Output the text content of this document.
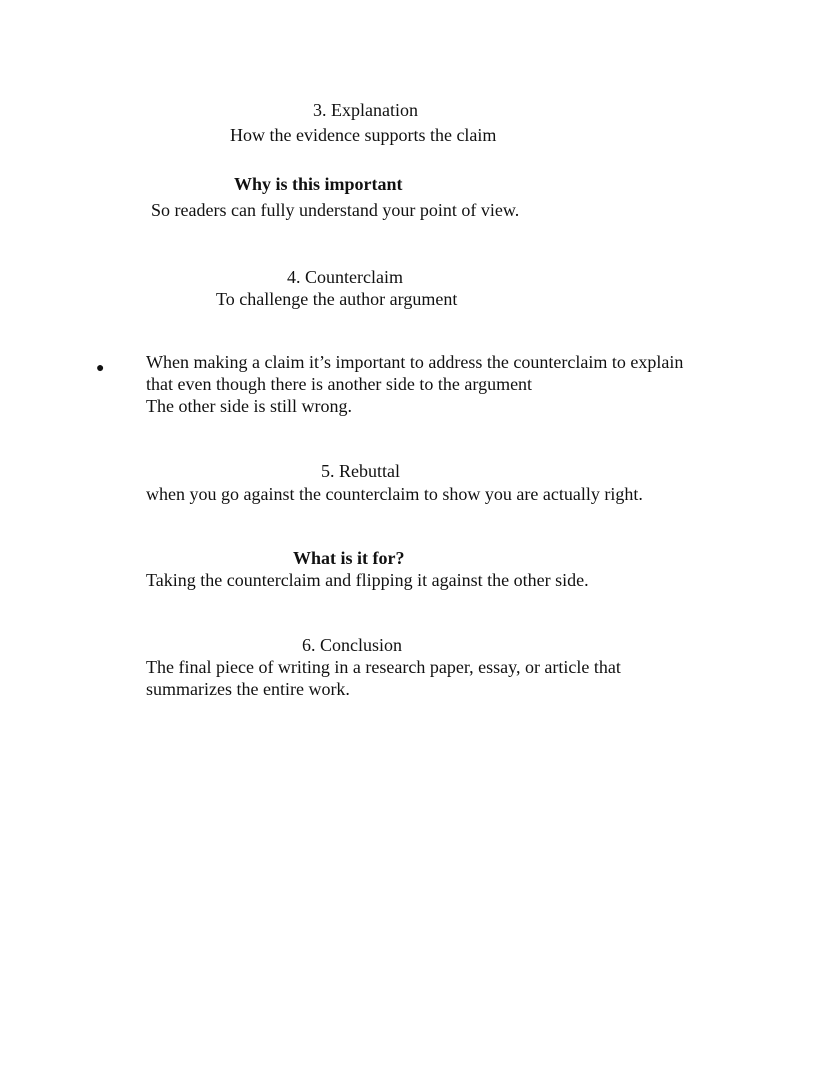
3. Explanation
How the evidence supports the claim
Why is this important
So readers can fully understand your point of view.
4. Counterclaim
To challenge the author argument
● When making a claim it’s important to address the counterclaim to explain
that even though there is another side to the argument
The other side is still wrong.
5. Rebuttal
when you go against the counterclaim to show you are actually right.
What is it for?
Taking the counterclaim and flipping it against the other side.
6. Conclusion
The final piece of writing in a research paper, essay, or article that
summarizes the entire work.
